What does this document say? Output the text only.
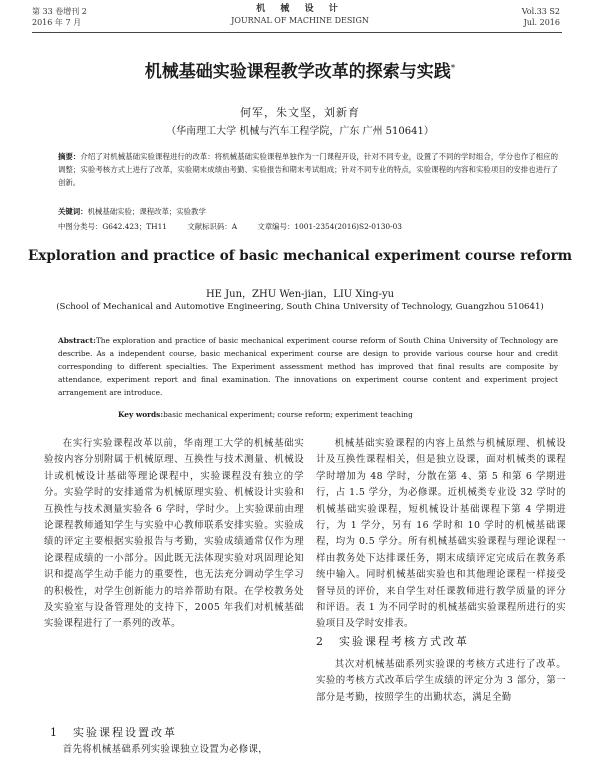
第 33 卷增刊 2
2016 年 7 月
机 械 设 计
JOURNAL OF MACHINE DESIGN
Vol.33 S2
Jul. 2016
机械基础实验课程教学改革的探索与实践*
何军，朱文坚，刘新育
（华南理工大学 机械与汽车工程学院，广东 广州 510641）
摘要：介绍了对机械基础实验课程进行的改革：将机械基础实验课程单独作为一门课程开设，针对不同专业，设置了不同的学时组合，学分也作了相应的调整；实验考核方式上进行了改革，实验期末成绩由考勤、实验报告和期末考试组成；针对不同专业的特点，实验课程的内容和实验项目的安排也进行了创新。
关键词：机械基础实验；课程改革；实验教学
中图分类号：G642.423；TH11	文献标识码：A	文章编号：1001-2354(2016)S2-0130-03
Exploration and practice of basic mechanical experiment course reform
HE Jun，ZHU Wen-jian，LIU Xing-yu
(School of Mechanical and Automotive Engineering, South China University of Technology, Guangzhou 510641)
Abstract:The exploration and practice of basic mechanical experiment course reform of South China University of Technology are describe. As a independent course, basic mechanical experiment course are design to provide various course hour and credit corresponding to different specialties. The Experiment assessment method has improved that final results are composite by attendance, experiment report and final examination. The innovations on experiment course content and experiment project arrangement are introduce.
Key words:basic mechanical experiment; course reform; experiment teaching
在实行实验课程改革以前，华南理工大学的机械基础实验按内容分别附属于机械原理、互换性与技术测量、机械设计或机械设计基础等理论课程中，实验课程没有独立的学分。实验学时的安排通常为机械原理实验、机械设计实验和互换性与技术测量实验各 6 学时，学时少。上实验课前由理论课程教师通知学生与实验中心教师联系安排实验。实验成绩的评定主要根据实验报告与考勤，实验成绩通常仅作为理论课程成绩的一小部分。因此既无法体现实验对巩固理论知识和提高学生动手能力的重要性，也无法充分调动学生学习的积极性，对学生创新能力的培养帮助有限。在学校教务处及实验室与设备管理处的支持下，2005 年我们对机械基础实验课程进行了一系列的改革。
机械基础实验课程的内容上虽然与机械原理、机械设计及互换性课程相关，但是独立设课，面对机械类的课程学时增加为 48 学时，分散在第 4、第 5 和第 6 学期进行，占 1.5 学分，为必修课。近机械类专业设 32 学时的机械基础实验课程，短机械设计基础课程下第 4 学期进行，为 1 学分，另有 16 学时和 10 学时的机械基础课程，均为 0.5 学分。所有机械基础实验课程与理论课程一样由教务处下达排课任务，期末成绩评定完成后在教务系统中输入。同时机械基础实验也和其他理论课程一样接受督导员的评价，来自学生对任课教师进行教学质量的评分和评语。表 1 为不同学时的机械基础实验课程所进行的实验项目及学时安排表。
1 实验课程设置改革
首先将机械基础系列实验课独立设置为必修课，
2 实验课程考核方式改革
其次对机械基础系列实验课的考核方式进行了改革。实验的考核方式改革后学生成绩的评定分为 3 部分，第一部分是考勤，按照学生的出勤状态，满足全勤
